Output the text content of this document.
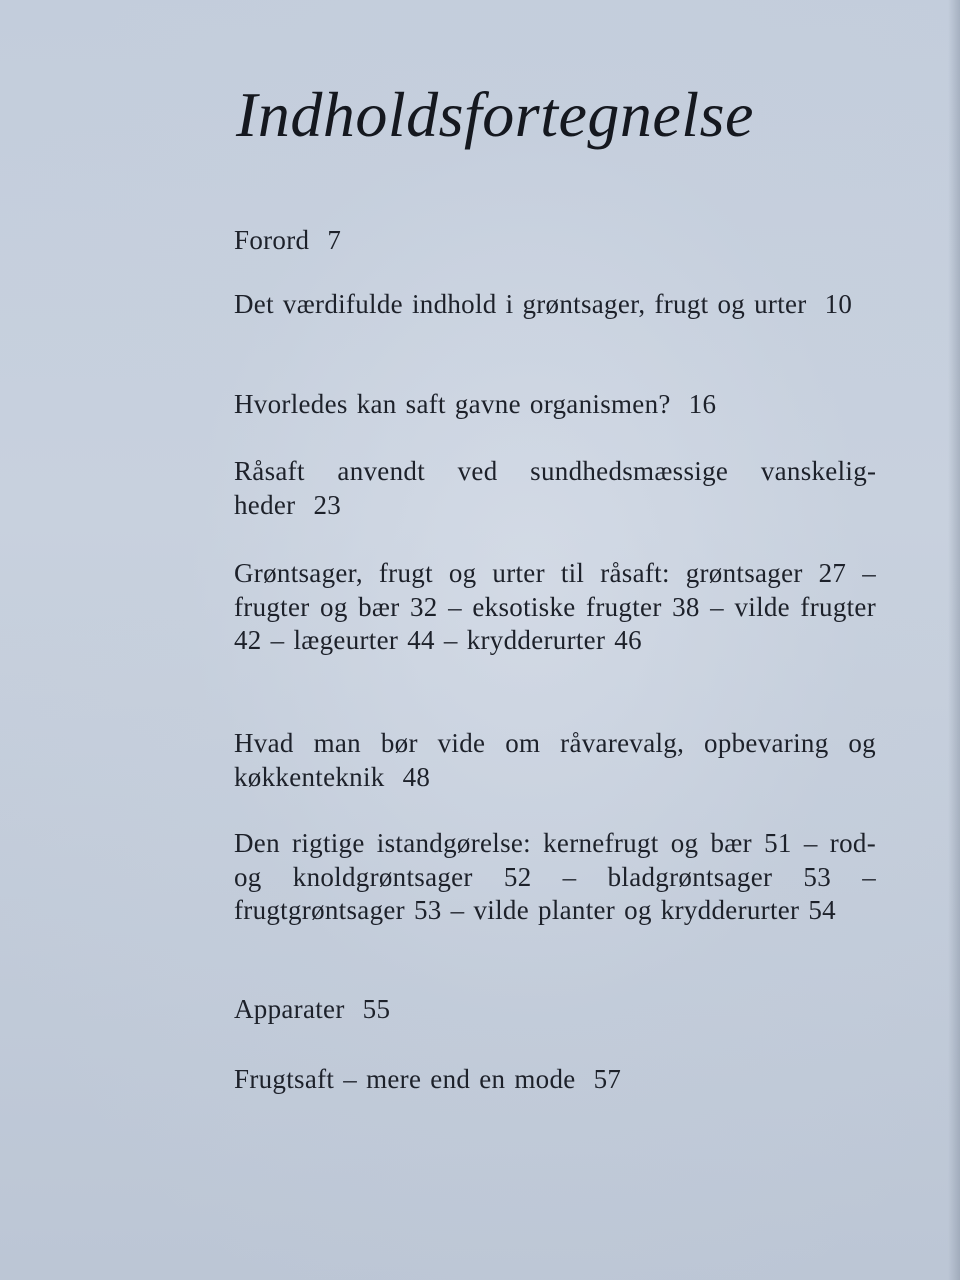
Indholdsfortegnelse

Forord 7

Det værdifulde indhold i grøntsager, frugt og urter 10

Hvorledes kan saft gavne organismen? 16

Råsaft anvendt ved sundhedsmæssige vanskeligheder 23

Grøntsager, frugt og urter til råsaft: grøntsager 27 – frugter og bær 32 – eksotiske frugter 38 – vilde frugter 42 – lægeurter 44 – krydderurter 46

Hvad man bør vide om råvarevalg, opbevaring og køkkenteknik 48

Den rigtige istandgørelse: kernefrugt og bær 51 – rod- og knoldgrøntsager 52 – bladgrøntsager 53 – frugtgrøntsager 53 – vilde planter og krydderurter 54

Apparater 55

Frugtsaft – mere end en mode 57
